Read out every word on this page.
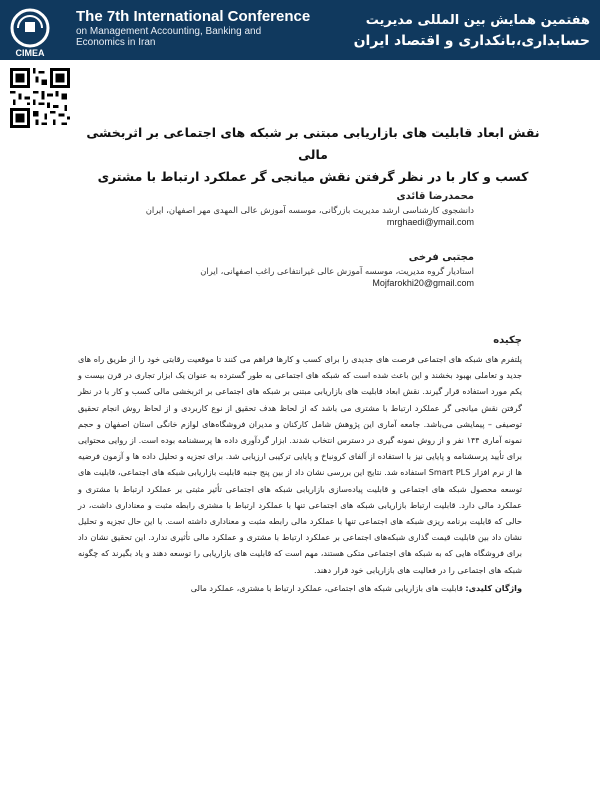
CIMEA
The 7th International Conference
on Management Accounting, Banking and
Economics in Iran
هفتمین همایش بین المللی مدیریت
حسابداری،بانکداری و اقتصاد ایران
نقش ابعاد قابلیت های بازاریابی مبتنی بر شبکه های اجتماعی بر اثربخشی مالی
کسب و کار با در نظر گرفتن نقش میانجی گر عملکرد ارتباط با مشتری
محمدرضا قائدی
دانشجوی کارشناسی ارشد مدیریت بازرگانی، موسسه آموزش عالی المهدی مهر اصفهان، ایران
mrghaedi@ymail.com
مجتبی فرخی
استادیار گروه مدیریت، موسسه آموزش عالی غیرانتفاعی راغب اصفهانی، ایران
Mojfarokhi20@gmail.com
چکیده
پلتفرم های شبکه های اجتماعی فرصت های جدیدی را برای کسب و کارها فراهم می کنند تا موقعیت رقابتی خود را از طریق راه های جدید و تعاملی بهبود بخشند و این باعث شده است که شبکه های اجتماعی به طور گسترده به عنوان یک ابزار تجاری در قرن بیست و یکم مورد استفاده قرار گیرند. نقش ابعاد قابلیت های بازاریابی مبتنی بر شبکه های اجتماعی بر اثربخشی مالی کسب و کار با در نظر گرفتن نقش میانجی گر عملکرد ارتباط با مشتری می باشد که از لحاظ هدف تحقیق از نوع کاربردی و از لحاظ روش انجام تحقیق توصیفی – پیمایشی می‌باشد. جامعه آماری این پژوهش شامل کارکنان و مدیران فروشگاه‌های لوازم خانگی استان اصفهان و حجم نمونه آماری ۱۴۴ نفر و از روش نمونه گیری در دسترس انتخاب شدند. ابزار گردآوری داده ها پرسشنامه بوده است. از روایی محتوایی برای تأیید پرسشنامه و پایایی نیز با استفاده از آلفای کرونباخ و پایایی ترکیبی ارزیابی شد. برای تجزیه و تحلیل داده ها و آزمون فرضیه ها از نرم افزار Smart PLS استفاده شد. نتایج این بررسی نشان داد از بین پنج جنبه قابلیت بازاریابی شبکه های اجتماعی، قابلیت های توسعه محصول شبکه های اجتماعی و قابلیت پیاده‌سازی بازاریابی شبکه های اجتماعی تأثیر مثبتی بر عملکرد ارتباط با مشتری و عملکرد مالی دارد. قابلیت ارتباط بازاریابی شبکه های اجتماعی تنها با عملکرد ارتباط با مشتری رابطه مثبت و معناداری داشت، در حالی که قابلیت برنامه ریزی شبکه های اجتماعی تنها با عملکرد مالی رابطه مثبت و معناداری داشته است. با این حال تجزیه و تحلیل نشان داد بین قابلیت قیمت گذاری شبکه‌های اجتماعی بر عملکرد ارتباط با مشتری و عملکرد مالی تأثیری ندارد. این تحقیق نشان داد برای فروشگاه هایی که به شبکه های اجتماعی متکی هستند، مهم است که قابلیت های بازاریابی را توسعه دهند و یاد بگیرند که چگونه شبکه های اجتماعی را در فعالیت های بازاریابی خود قرار دهند.
واژگان کلیدی: قابلیت های بازاریابی شبکه های اجتماعی، عملکرد ارتباط با مشتری، عملکرد مالی
